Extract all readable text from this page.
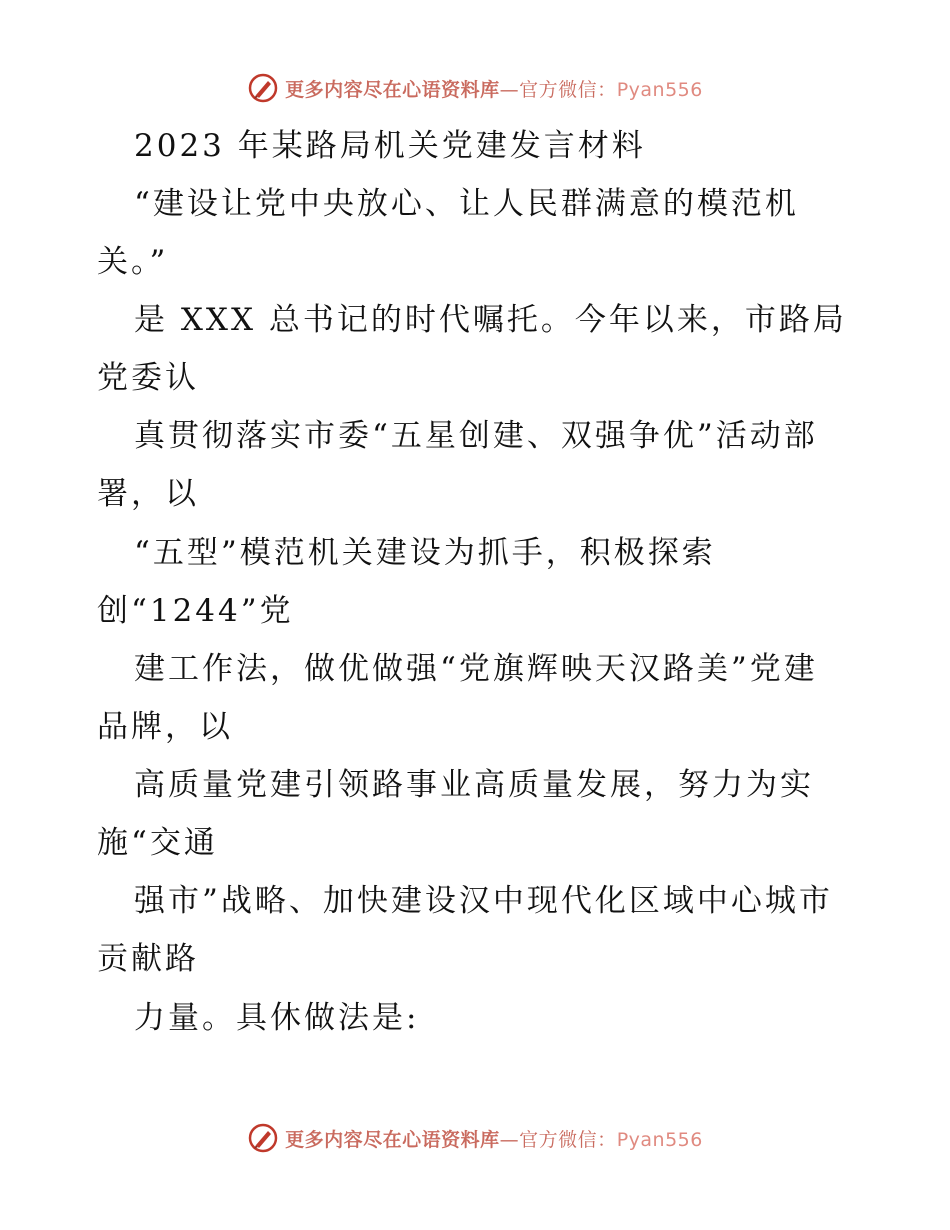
更多内容尽在心语资料库—官方微信：Pyan556
2023 年某路局机关党建发言材料
“建设让党中央放心、让人民群满意的模范机
关。”
是 XXX 总书记的时代嘱托。今年以来，市路局
党委认
真贯彻落实市委“五星创建、双强争优”活动部
署，以
“五型”模范机关建设为抓手，积极探索
创“1244”党
建工作法，做优做强“党旗辉映天汉路美”党建
品牌，以
高质量党建引领路事业高质量发展，努力为实
施“交通
强市”战略、加快建设汉中现代化区域中心城市
贡献路
力量。具休做法是:
更多内容尽在心语资料库—官方微信：Pyan556
